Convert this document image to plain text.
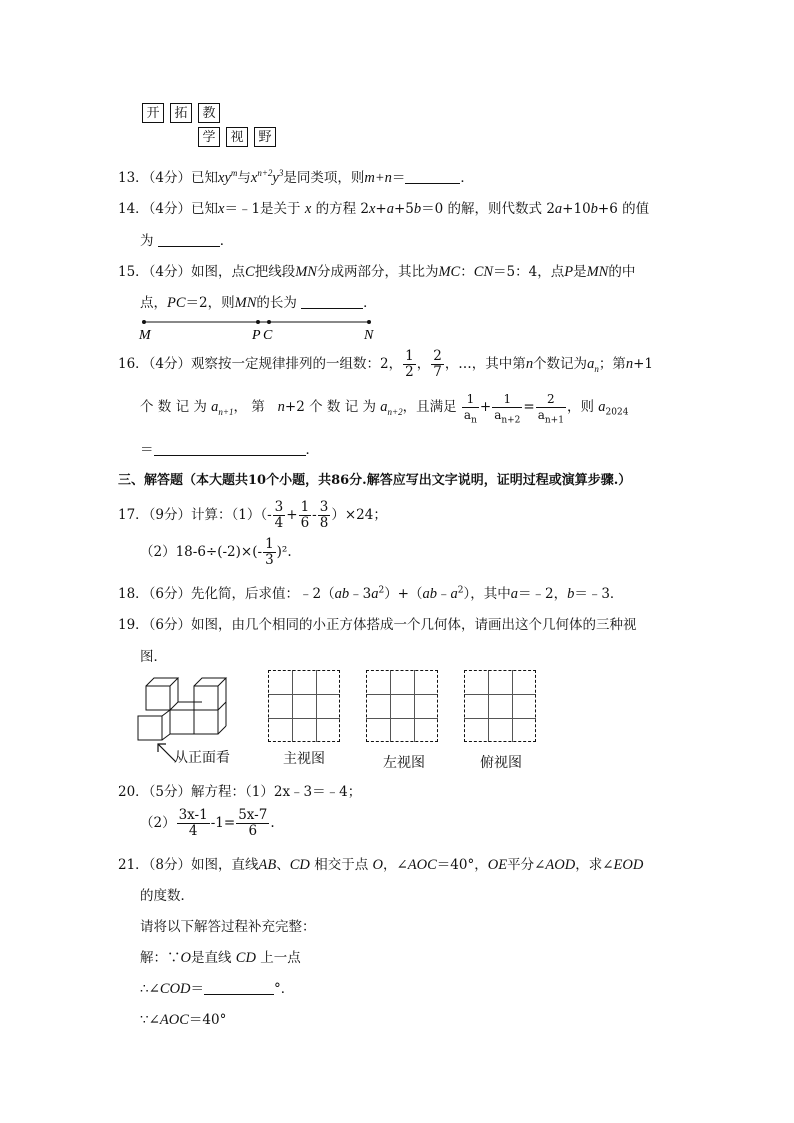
开	拓	教
学	视	野
13．（4分）已知$xy^m$与$x^{n+2}y^3$是同类项，则m+n＝	．
14．（4分）已知x＝﹣1是关于 x 的方程 2x+a+5b＝0 的解，则代数式 2a+10b+6 的值
为	．
15．（4分）如图，点C把线段MN分成两部分，其比为MC：CN＝5：4，点P是MN的中
点，PC＝2，则MN的长为	．
M	P C	N
16．（4分）观察按一定规律排列的一组数：2， $\frac{1}{2}$ ， $\frac{2}{7}$ ，…，其中第n个数记为$a_n$；第n+1
个 数 记 为 $a_{n+1}$， 第 n+2 个 数 记 为 $a_{n+2}$，且满足 $\frac{1}{a_n} + \frac{1}{a_{n+2}} = \frac{2}{a_{n+1}}$ ，则 $a_{2024}$
＝	．
三、解答题（本大题共10个小题，共86分.解答应写出文字说明，证明过程或演算步骤.）
17．（9分）计算：$(1)(- \frac{3}{4} + \frac{1}{6} - \frac{3}{8} )\times 24$；
$(2)18-6\div(-2)\times(- \frac{1}{3} )^2$.
18．（6分）先化简，后求值：$﹣2(ab﹣3a^2)+(ab﹣a^2)$，其中a＝﹣2，b＝﹣3．
19．（6分）如图，由几个相同的小正方体搭成一个几何体，请画出这个几何体的三种视
图．
从正面看	主视图	左视图	俯视图
20．（5分）解方程：（1）2x﹣3＝﹣4；
$(2) \frac{3x-1}{4} -1= \frac{5x-7}{6}$ .
21．（8分）如图，直线AB、CD 相交于点 O，∠AOC＝40°，OE平分∠AOD，求∠EOD
的度数．
请将以下解答过程补充完整：
解：∵O是直线 CD 上一点
∴∠COD＝	°．
∵∠AOC＝40°
